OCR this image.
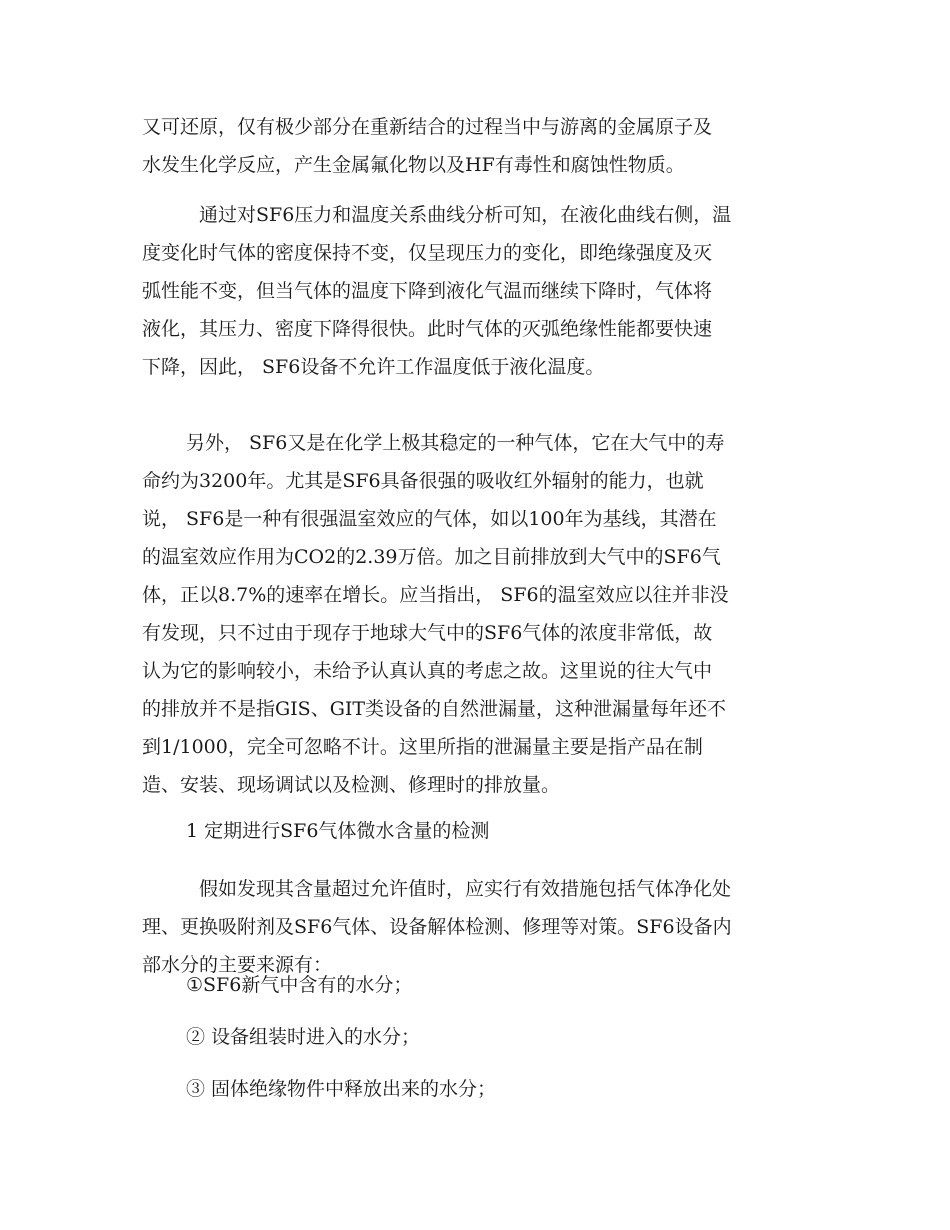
又可还原，仅有极少部分在重新结合的过程当中与游离的金属原子及
水发生化学反应，产生金属氟化物以及HF有毒性和腐蚀性物质。
　通过对SF6压力和温度关系曲线分析可知，在液化曲线右侧，温
度变化时气体的密度保持不变，仅呈现压力的变化，即绝缘强度及灭
弧性能不变，但当气体的温度下降到液化气温而继续下降时，气体将
液化，其压力、密度下降得很快。此时气体的灭弧绝缘性能都要快速
下降，因此， SF6设备不允许工作温度低于液化温度。
另外， SF6又是在化学上极其稳定的一种气体，它在大气中的寿
命约为3200年。尤其是SF6具备很强的吸收红外辐射的能力，也就
说， SF6是一种有很强温室效应的气体，如以100年为基线，其潜在
的温室效应作用为CO2的2.39万倍。加之目前排放到大气中的SF6气
体，正以8.7%的速率在增长。应当指出， SF6的温室效应以往并非没
有发现，只不过由于现存于地球大气中的SF6气体的浓度非常低，故
认为它的影响较小，未给予认真认真的考虑之故。这里说的往大气中
的排放并不是指GIS、GIT类设备的自然泄漏量，这种泄漏量每年还不
到1/1000，完全可忽略不计。这里所指的泄漏量主要是指产品在制
造、安装、现场调试以及检测、修理时的排放量。
1 定期进行SF6气体微水含量的检测
　假如发现其含量超过允许值时，应实行有效措施包括气体净化处
理、更换吸附剂及SF6气体、设备解体检测、修理等对策。SF6设备内
部水分的主要来源有：
①SF6新气中含有的水分；
② 设备组装时进入的水分；
③ 固体绝缘物件中释放出来的水分；
